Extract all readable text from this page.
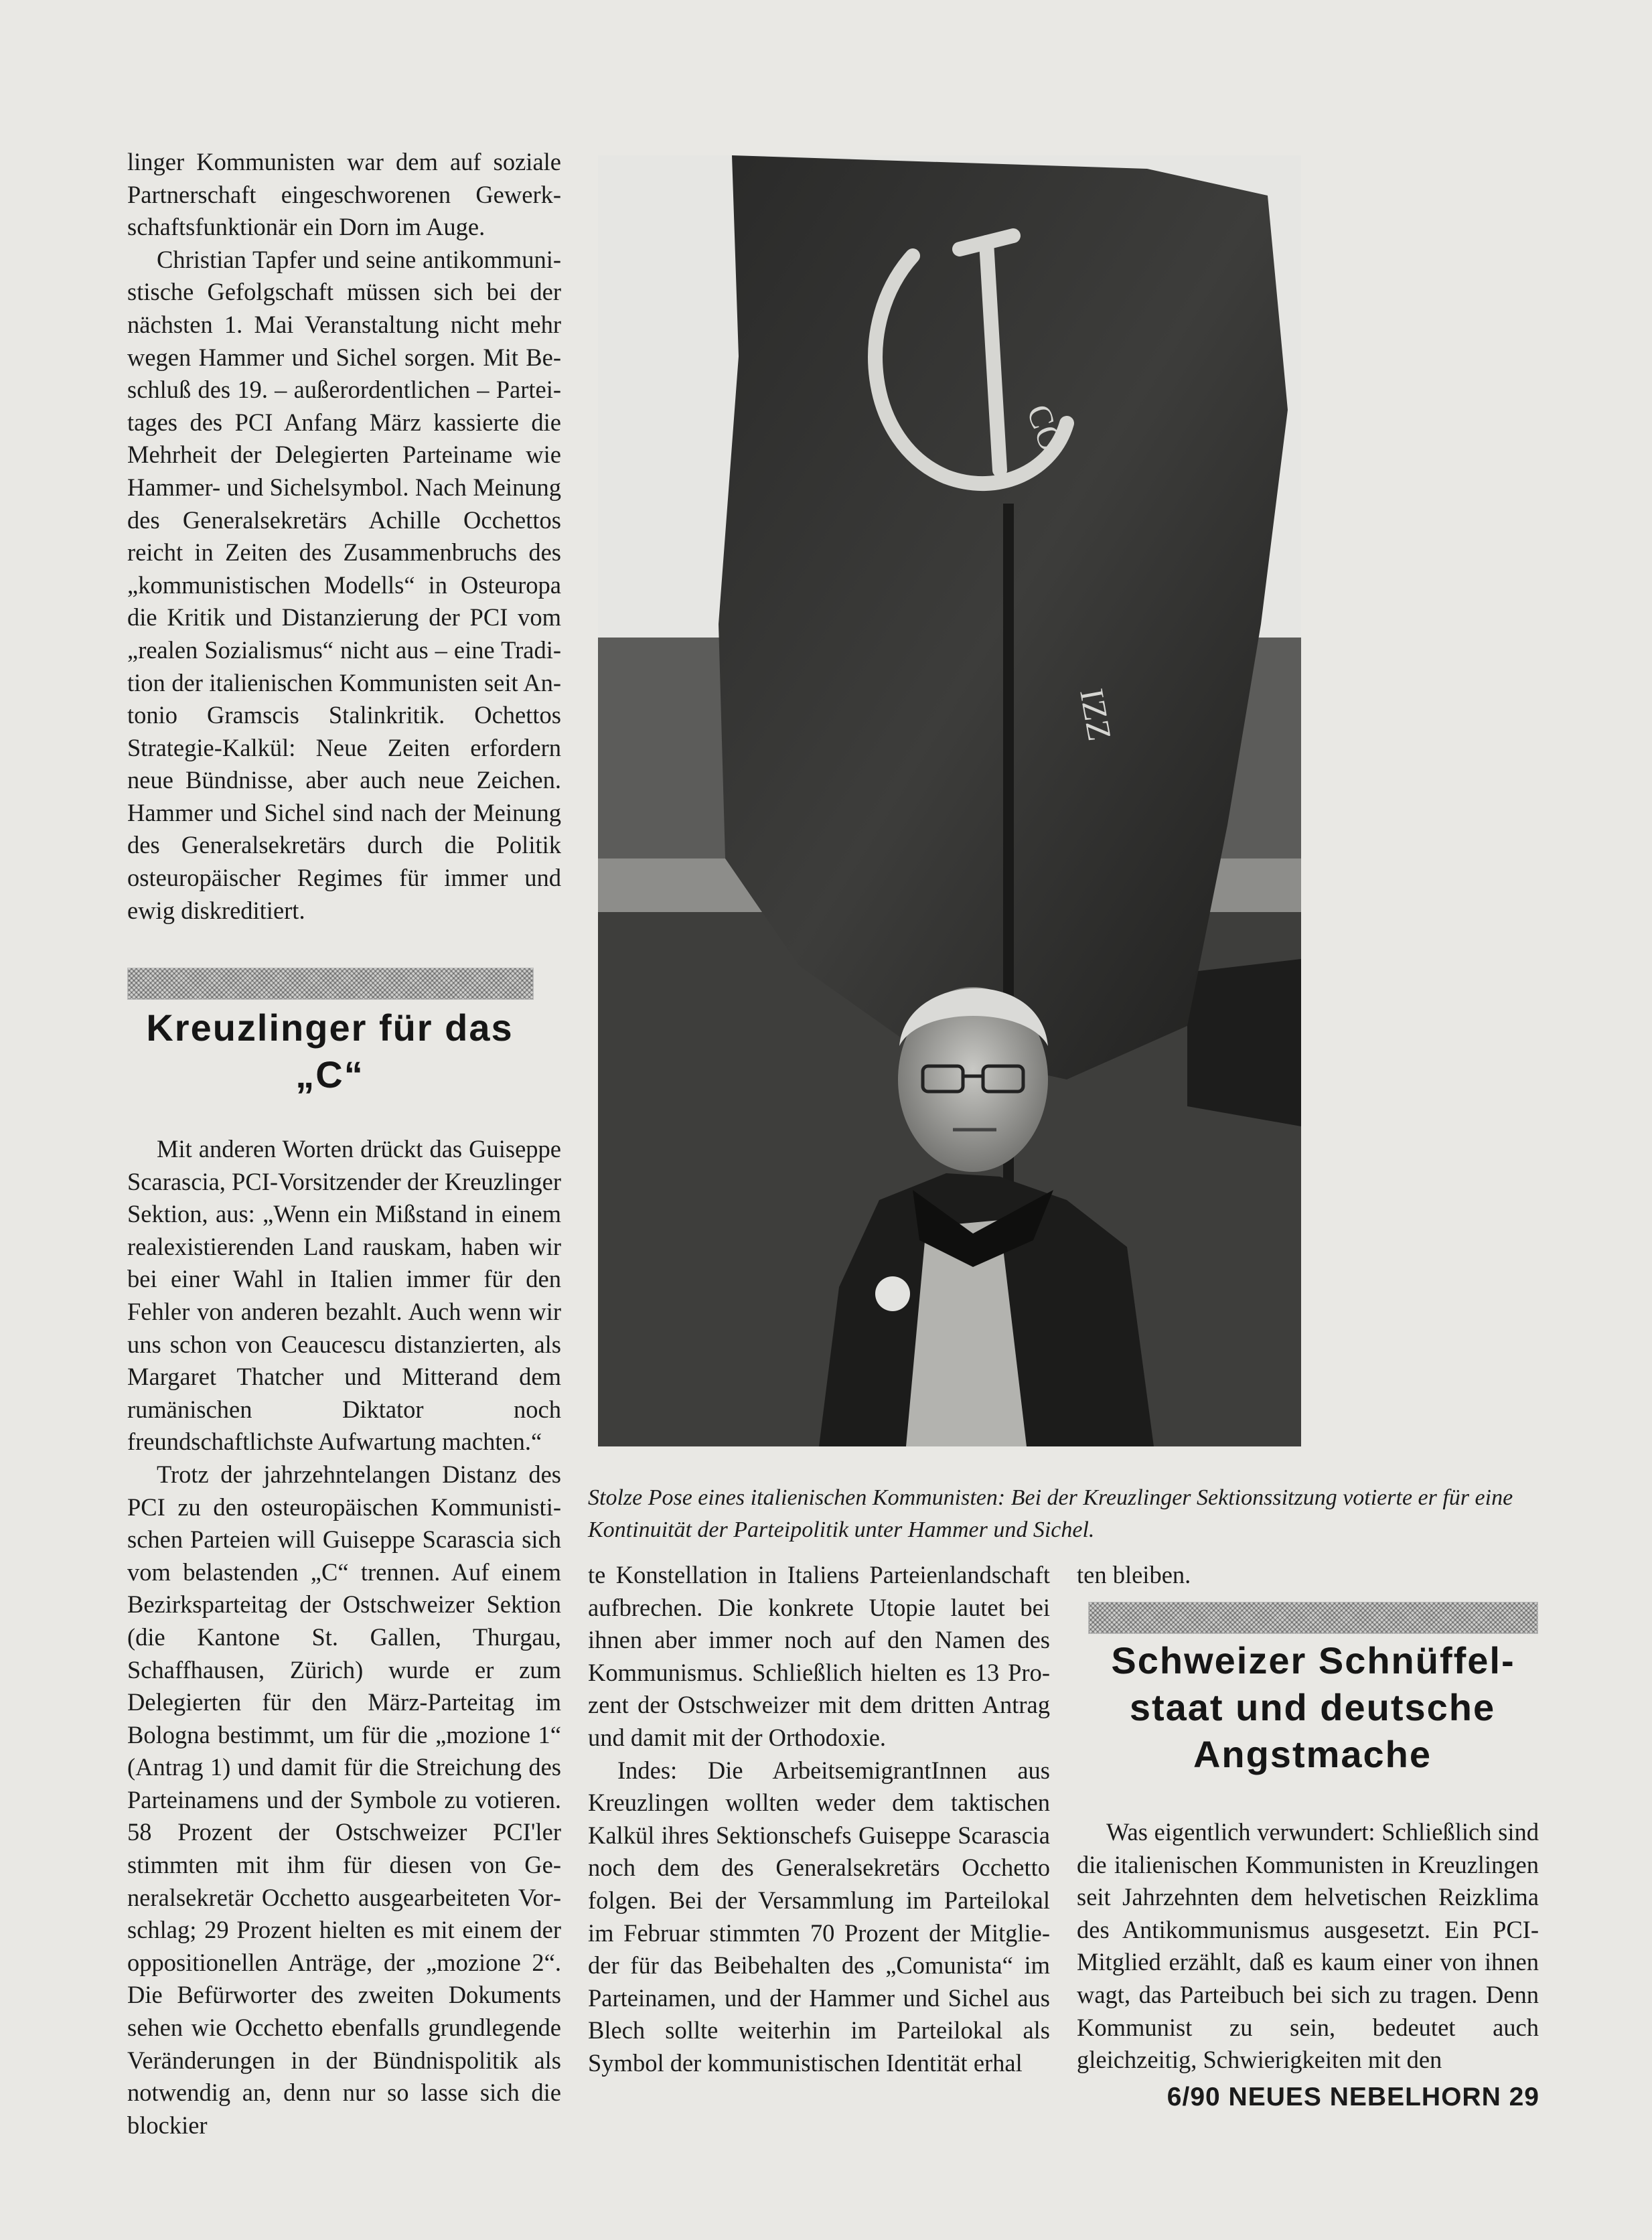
linger Kommunisten war dem auf soziale Partnerschaft eingeschworenen Gewerkschaftsfunktionär ein Dorn im Auge.

Christian Tapfer und seine antikommunistische Gefolgschaft müssen sich bei der nächsten 1. Mai Veranstaltung nicht mehr wegen Hammer und Sichel sorgen. Mit Beschluß des 19. – außerordentlichen – Parteitages des PCI Anfang März kassierte die Mehrheit der Delegierten Parteiname wie Hammer- und Sichelsymbol. Nach Meinung des Generalsekretärs Achille Occhettos reicht in Zeiten des Zusammenbruchs des „kommunistischen Modells“ in Osteuropa die Kritik und Distanzierung der PCI vom „realen Sozialismus“ nicht aus – eine Tradition der italienischen Kommunisten seit Antonio Gramscis Stalinkritik. Ochettos Strategie-Kalkül: Neue Zeiten erfordern neue Bündnisse, aber auch neue Zeichen. Hammer und Sichel sind nach der Meinung des Generalsekretärs durch die Politik osteuropäischer Regimes für immer und ewig diskreditiert.

Kreuzlinger für das „C“

Mit anderen Worten drückt das Guiseppe Scarascia, PCI-Vorsitzender der Kreuzlinger Sektion, aus: „Wenn ein Mißstand in einem realexistierenden Land rauskam, haben wir bei einer Wahl in Italien immer für den Fehler von anderen bezahlt. Auch wenn wir uns schon von Ceaucescu distanzierten, als Margaret Thatcher und Mitterand dem rumänischen Diktator noch freundschaftlichste Aufwartung machten.“

Trotz der jahrzehntelangen Distanz des PCI zu den osteuropäischen Kommunistischen Parteien will Guiseppe Scarascia sich vom belastenden „C“ trennen. Auf einem Bezirksparteitag der Ostschweizer Sektion (die Kantone St. Gallen, Thurgau, Schaffhausen, Zürich) wurde er zum Delegierten für den März-Parteitag im Bologna bestimmt, um für die „mozione 1“ (Antrag 1) und damit für die Streichung des Parteinamens und der Symbole zu votieren. 58 Prozent der Ostschweizer PCI'ler stimmten mit ihm für diesen von Generalsekretär Occhetto ausgearbeiteten Vorschlag; 29 Prozent hielten es mit einem der oppositionellen Anträge, der „mozione 2“. Die Befürworter des zweiten Dokuments sehen wie Occhetto ebenfalls grundlegende Veränderungen in der Bündnispolitik als notwendig an, denn nur so lasse sich die blockier

CO
IZZ

Stolze Pose eines italienischen Kommunisten: Bei der Kreuzlinger Sektionssitzung votierte er für eine Kontinuität der Parteipolitik unter Hammer und Sichel.

te Konstellation in Italiens Parteienlandschaft aufbrechen. Die konkrete Utopie lautet bei ihnen aber immer noch auf den Namen des Kommunismus. Schließlich hielten es 13 Prozent der Ostschweizer mit dem dritten Antrag und damit mit der Orthodoxie.

Indes: Die ArbeitsemigrantInnen aus Kreuzlingen wollten weder dem taktischen Kalkül ihres Sektionschefs Guiseppe Scarascia noch dem des Generalsekretärs Occhetto folgen. Bei der Versammlung im Parteilokal im Februar stimmten 70 Prozent der Mitglieder für das Beibehalten des „Comunista“ im Parteinamen, und der Hammer und Sichel aus Blech sollte weiterhin im Parteilokal als Symbol der kommunistischen Identität erhal

ten bleiben.

Schweizer Schnüffelstaat und deutsche Angstmache

Was eigentlich verwundert: Schließlich sind die italienischen Kommunisten in Kreuzlingen seit Jahrzehnten dem helvetischen Reizklima des Antikommunismus ausgesetzt. Ein PCI-Mitglied erzählt, daß es kaum einer von ihnen wagt, das Parteibuch bei sich zu tragen. Denn Kommunist zu sein, bedeutet auch gleichzeitig, Schwierigkeiten mit den

6/90 NEUES NEBELHORN 29
